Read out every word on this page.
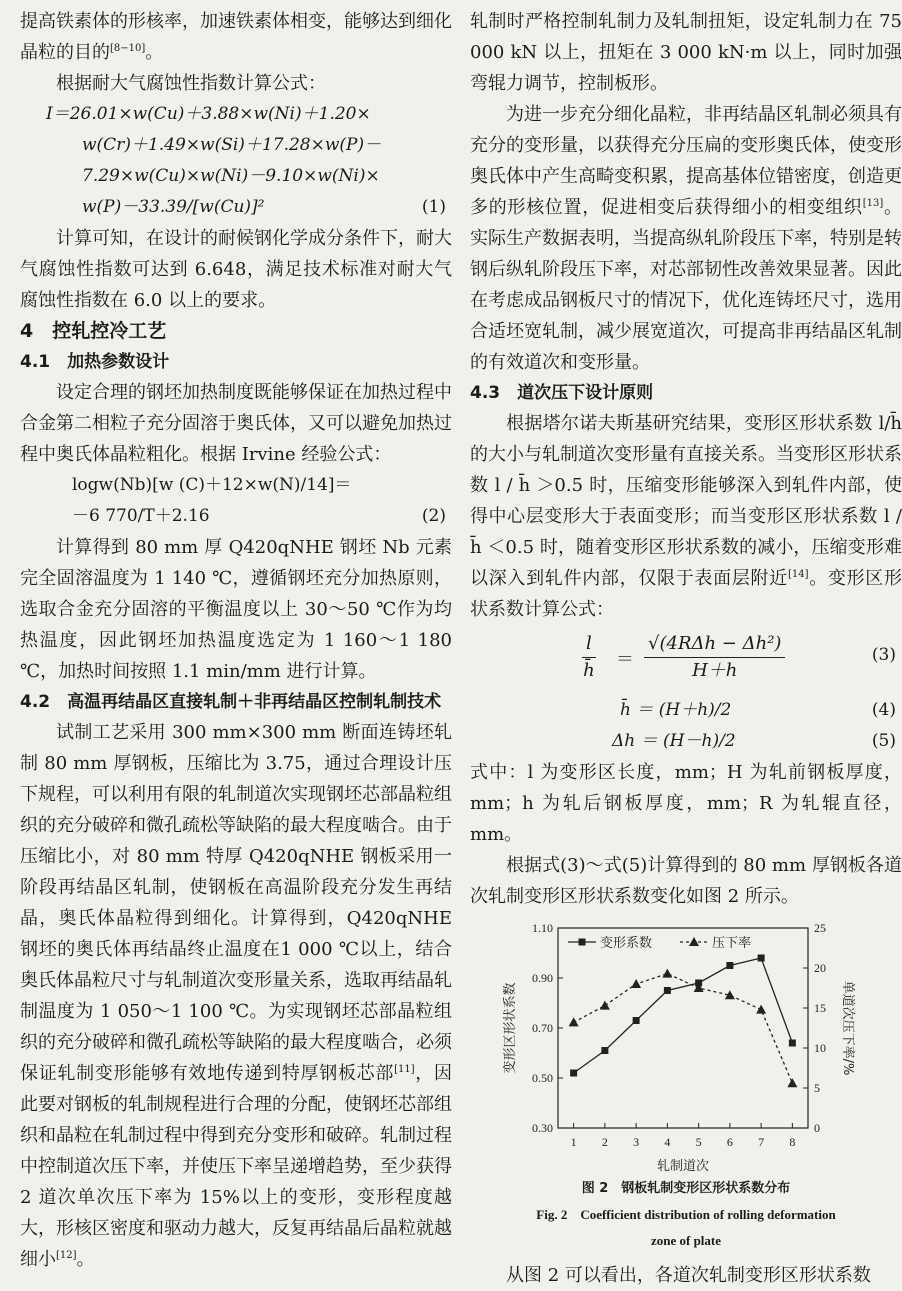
提高铁素体的形核率，加速铁素体相变，能够达到细化晶粒的目的[8−10]。

根据耐大气腐蚀性指数计算公式：

I＝26.01×w(Cu)＋3.88×w(Ni)＋1.20×

w(Cr)＋1.49×w(Si)＋17.28×w(P)－

7.29×w(Cu)×w(Ni)－9.10×w(Ni)×

w(P)－33.39/[w(Cu)]²	(1)

计算可知，在设计的耐候钢化学成分条件下，耐大气腐蚀性指数可达到 6.648，满足技术标准对耐大气腐蚀性指数在 6.0 以上的要求。

4　控轧控冷工艺

4.1　加热参数设计

设定合理的钢坯加热制度既能够保证在加热过程中合金第二相粒子充分固溶于奥氏体，又可以避免加热过程中奥氏体晶粒粗化。根据 Irvine 经验公式：

logw(Nb)[w (C)＋12×w(N)/14]＝

－6 770/T＋2.16	(2)

计算得到 80 mm 厚 Q420qNHE 钢坯 Nb 元素完全固溶温度为 1 140 ℃，遵循钢坯充分加热原则，选取合金充分固溶的平衡温度以上 30～50 ℃作为均热温度，因此钢坯加热温度选定为 1 160～1 180 ℃，加热时间按照 1.1 min/mm 进行计算。

4.2　高温再结晶区直接轧制＋非再结晶区控制轧制技术

试制工艺采用 300 mm×300 mm 断面连铸坯轧制 80 mm 厚钢板，压缩比为 3.75，通过合理设计压下规程，可以利用有限的轧制道次实现钢坯芯部晶粒组织的充分破碎和微孔疏松等缺陷的最大程度啮合。由于压缩比小，对 80 mm 特厚 Q420qNHE 钢板采用一阶段再结晶区轧制，使钢板在高温阶段充分发生再结晶，奥氏体晶粒得到细化。计算得到，Q420qNHE 钢坯的奥氏体再结晶终止温度在1 000 ℃以上，结合奥氏体晶粒尺寸与轧制道次变形量关系，选取再结晶轧制温度为 1 050～1 100 ℃。为实现钢坯芯部晶粒组织的充分破碎和微孔疏松等缺陷的最大程度啮合，必须保证轧制变形能够有效地传递到特厚钢板芯部[11]，因此要对钢板的轧制规程进行合理的分配，使钢坯芯部组织和晶粒在轧制过程中得到充分变形和破碎。轧制过程中控制道次压下率，并使压下率呈递增趋势，至少获得 2 道次单次压下率为 15%以上的变形，变形程度越大，形核区密度和驱动力越大，反复再结晶后晶粒就越细小[12]。

轧制时严格控制轧制力及轧制扭矩，设定轧制力在 75 000 kN 以上，扭矩在 3 000 kN·m 以上，同时加强弯辊力调节，控制板形。

为进一步充分细化晶粒，非再结晶区轧制必须具有充分的变形量，以获得充分压扁的变形奥氏体，使变形奥氏体中产生高畸变积累，提高基体位错密度，创造更多的形核位置，促进相变后获得细小的相变组织[13]。实际生产数据表明，当提高纵轧阶段压下率，特别是转钢后纵轧阶段压下率，对芯部韧性改善效果显著。因此在考虑成品钢板尺寸的情况下，优化连铸坯尺寸，选用合适坯宽轧制，减少展宽道次，可提高非再结晶区轧制的有效道次和变形量。

4.3　道次压下设计原则

根据塔尔诺夫斯基研究结果，变形区形状系数 l/h̄ 的大小与轧制道次变形量有直接关系。当变形区形状系数 l / h̄ ＞0.5 时，压缩变形能够深入到轧件内部，使得中心层变形大于表面变形；而当变形区形状系数 l / h̄ ＜0.5 时，随着变形区形状系数的减小，压缩变形难以深入到轧件内部，仅限于表面层附近[14]。变形区形状系数计算公式：

$\frac{l}{h̄}$ ＝
√(4RΔh − Δh²)
H＋h
(3)

h̄ ＝ (H＋h)/2	(4)

Δh ＝ (H－h)/2	(5)

式中：l 为变形区长度，mm；H 为轧前钢板厚度，mm；h 为轧后钢板厚度，mm；R 为轧辊直径，mm。

根据式(3)～式(5)计算得到的 80 mm 厚钢板各道次轧制变形区形状系数变化如图 2 所示。

0.30
0.50
0.70
0.90
1.10
0
5
10
15
20
25
1 2 3 4 5 6 7 8
轧制道次
变形区形状系数	单道次压下率/%
变形系数	压下率

图 2　钢板轧制变形区形状系数分布

Fig. 2　Coefficient distribution of rolling deformation

zone of plate

从图 2 可以看出，各道次轧制变形区形状系数
